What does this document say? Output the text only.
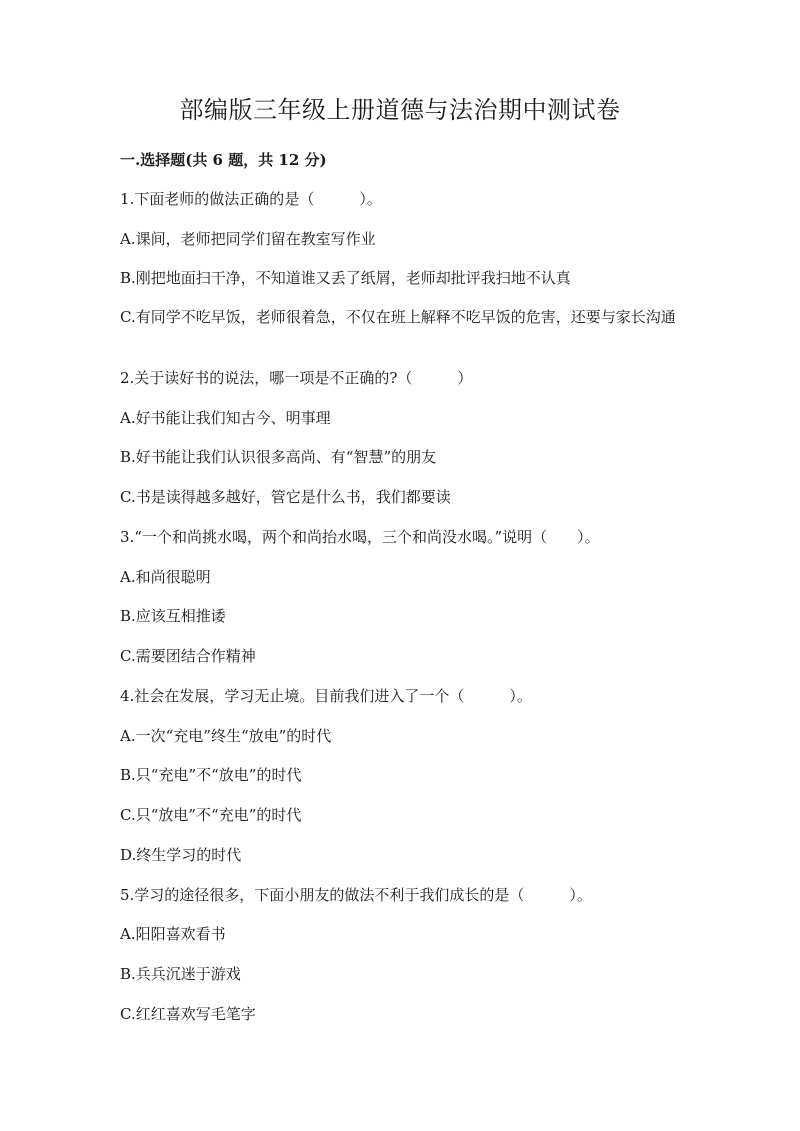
部编版三年级上册道德与法治期中测试卷
一.选择题(共 6 题，共 12 分)

1.下面老师的做法正确的是（　　　）。

A.课间，老师把同学们留在教室写作业

B.刚把地面扫干净，不知道谁又丢了纸屑，老师却批评我扫地不认真

C.有同学不吃早饭，老师很着急，不仅在班上解释不吃早饭的危害，还要与家长沟通

2.关于读好书的说法，哪一项是不正确的?（　　　）

A.好书能让我们知古今、明事理

B.好书能让我们认识很多高尚、有“智慧”的朋友

C.书是读得越多越好，管它是什么书，我们都要读

3.“一个和尚挑水喝，两个和尚抬水喝，三个和尚没水喝。”说明（　　）。

A.和尚很聪明

B.应该互相推诿

C.需要团结合作精神

4.社会在发展，学习无止境。目前我们进入了一个（　　　）。

A.一次“充电”终生“放电”的时代

B.只“充电”不“放电”的时代

C.只“放电”不“充电”的时代

D.终生学习的时代

5.学习的途径很多，下面小朋友的做法不利于我们成长的是（　　　）。

A.阳阳喜欢看书

B.兵兵沉迷于游戏

C.红红喜欢写毛笔字
